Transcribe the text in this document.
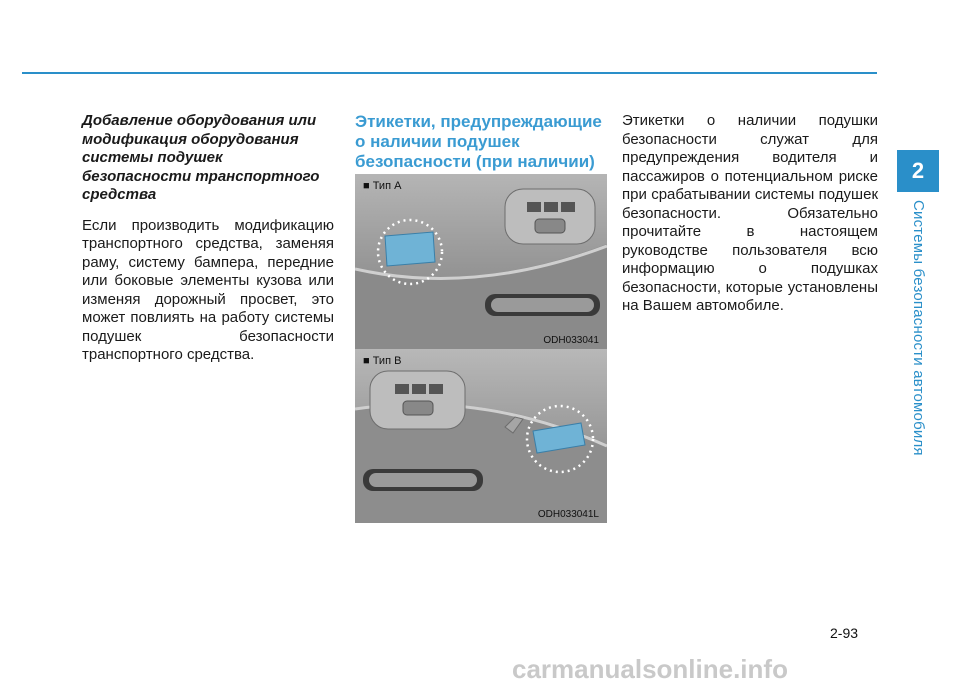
2
Системы безопасности автомобиля
Добавление оборудования или модификация оборудования системы подушек безопасности транспортного средства

Если производить модификацию транспортного средства, заменяя раму, систему бампера, передние или боковые элементы кузова или изменяя дорожный просвет, это может повлиять на работу системы подушек безопасности транспортного средства.

Этикетки, предупреждающие о наличии подушек безопасности (при наличии)
■ Тип A
ODH033041
■ Тип B
ODH033041L

Этикетки о наличии подушки безопасности служат для предупреждения водителя и пассажиров о потенциальном риске при срабатывании системы подушек безопасности. Обязательно прочитайте в настоящем руководстве пользователя всю информацию о подушках безопасности, которые установлены на Вашем автомобиле.

2-93
carmanualsonline.info
